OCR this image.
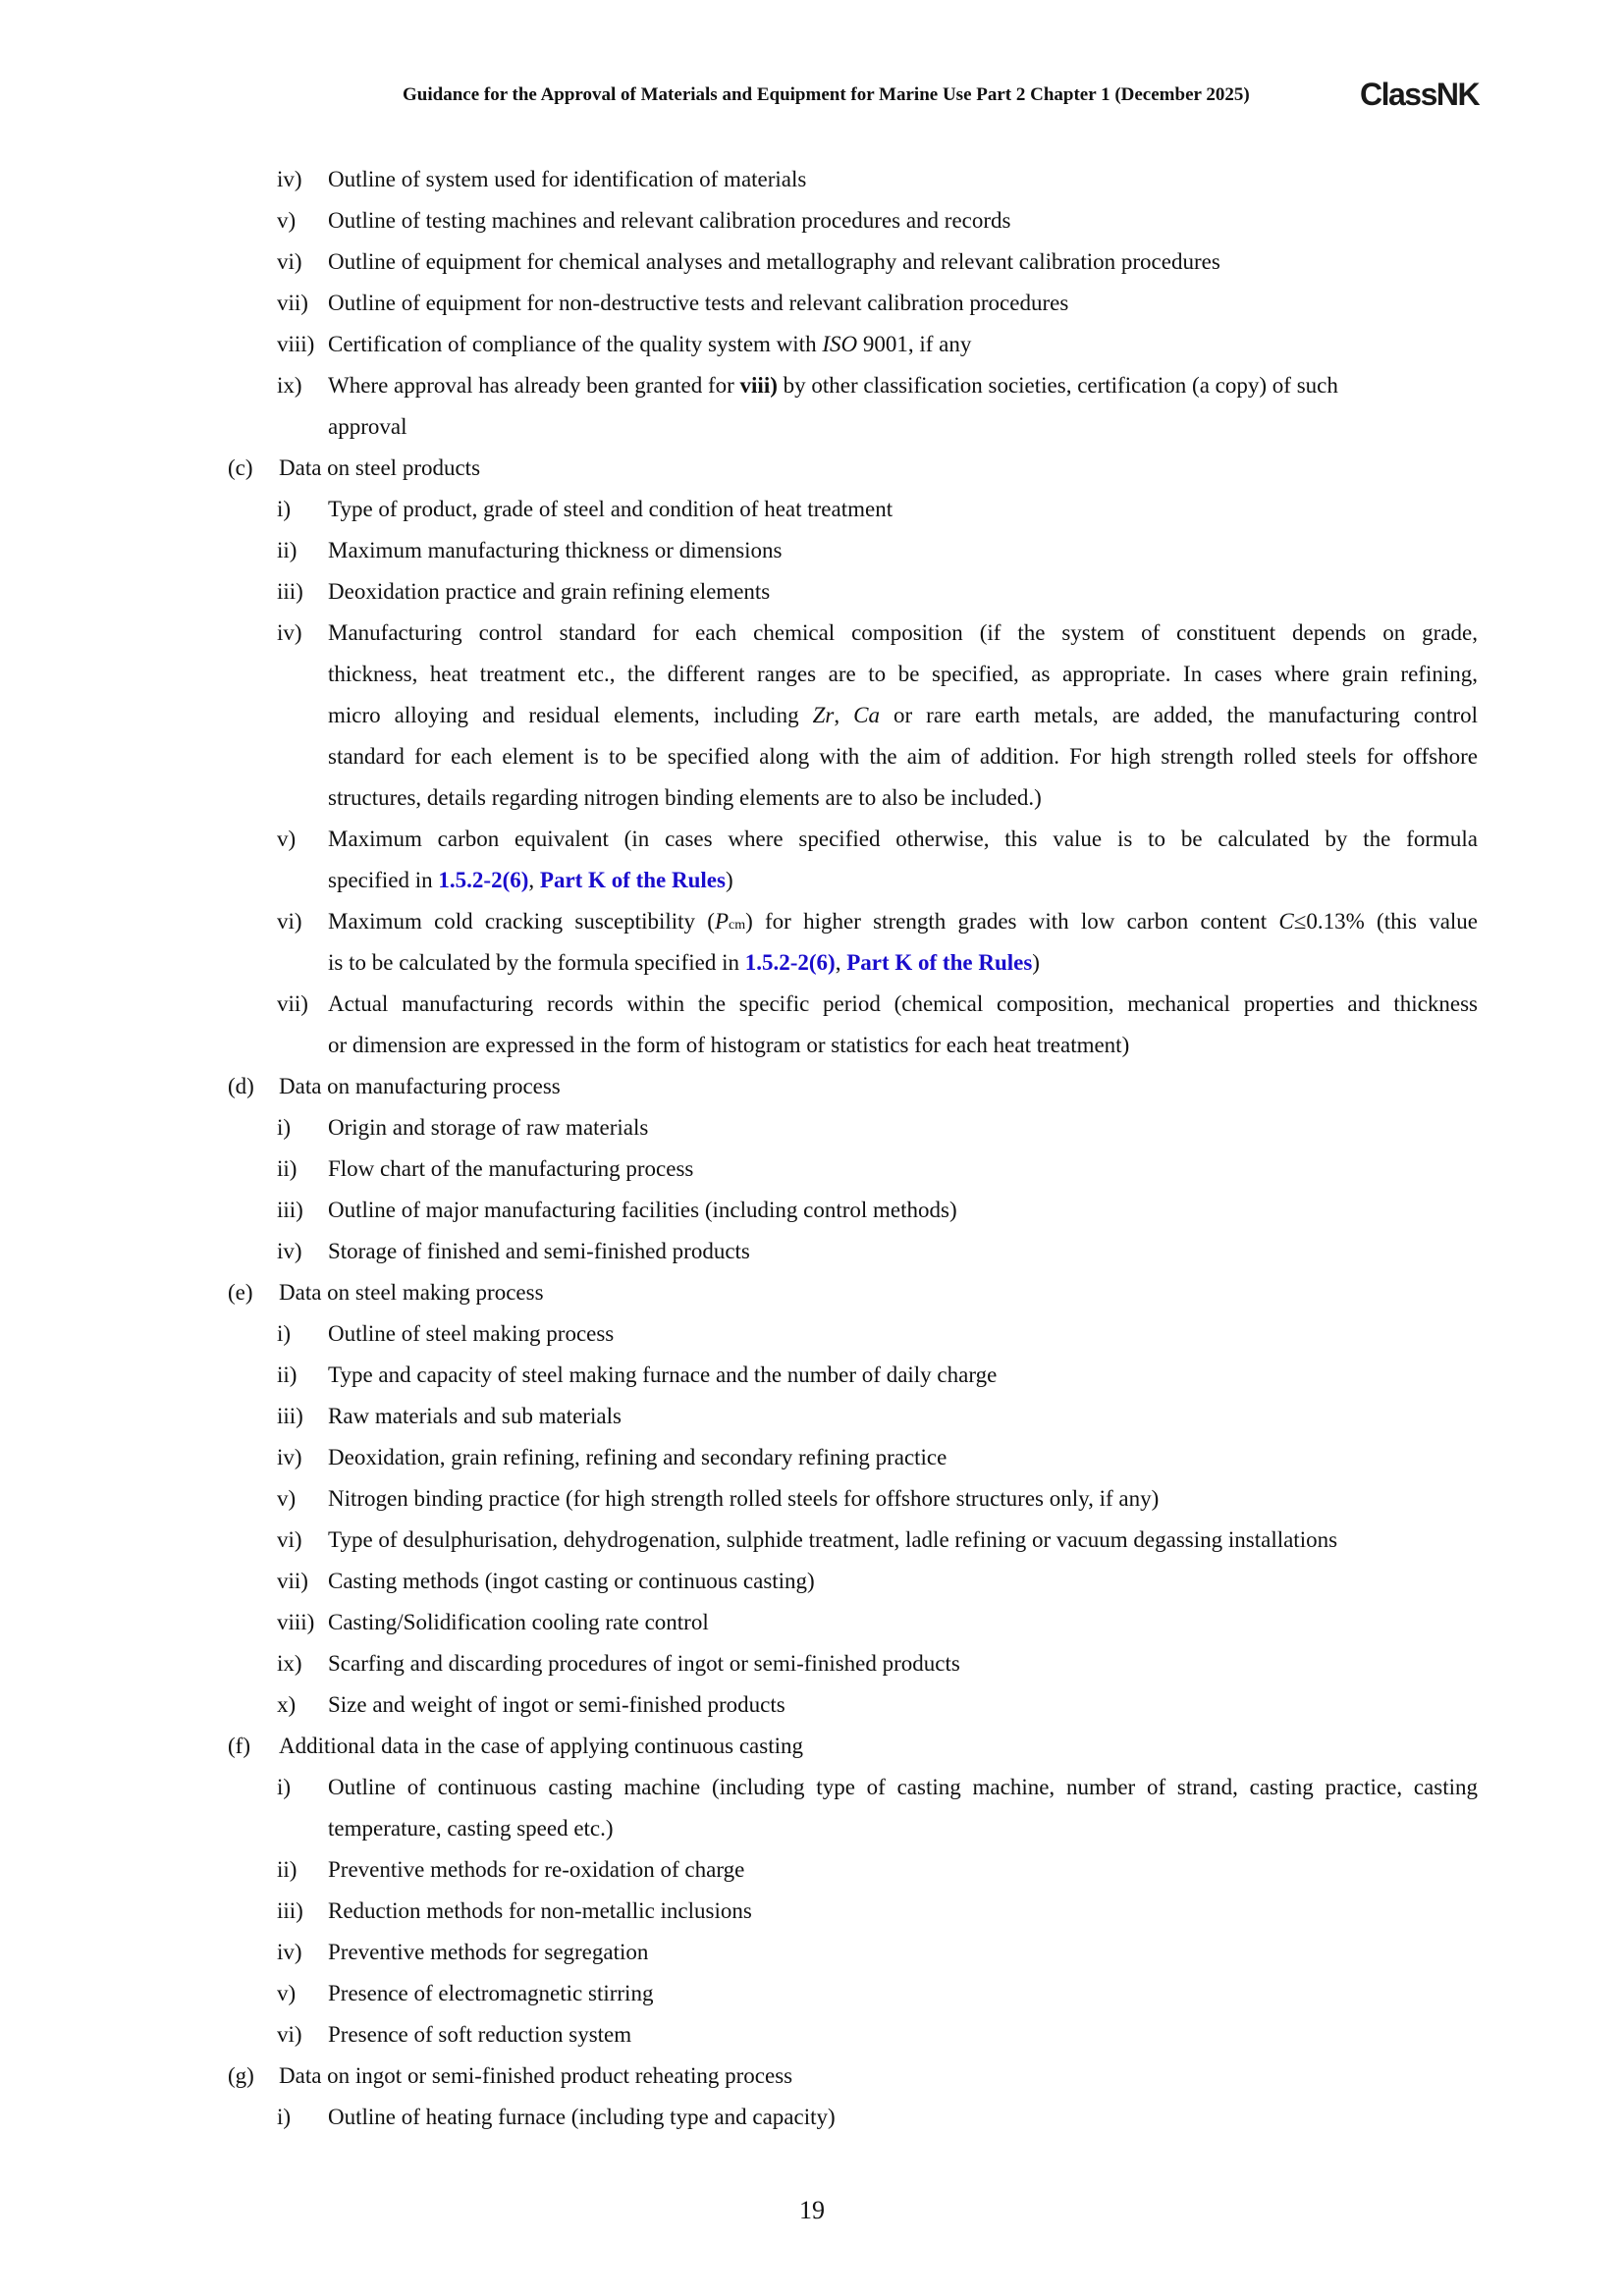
Guidance for the Approval of Materials and Equipment for Marine Use Part 2 Chapter 1 (December 2025)	ClassNK
iv) Outline of system used for identification of materials
v) Outline of testing machines and relevant calibration procedures and records
vi) Outline of equipment for chemical analyses and metallography and relevant calibration procedures
vii) Outline of equipment for non-destructive tests and relevant calibration procedures
viii) Certification of compliance of the quality system with ISO 9001, if any
ix) Where approval has already been granted for viii) by other classification societies, certification (a copy) of such
approval
(c) Data on steel products
i) Type of product, grade of steel and condition of heat treatment
ii) Maximum manufacturing thickness or dimensions
iii) Deoxidation practice and grain refining elements
iv) Manufacturing control standard for each chemical composition (if the system of constituent depends on grade,
thickness, heat treatment etc., the different ranges are to be specified, as appropriate. In cases where grain refining,
micro alloying and residual elements, including Zr, Ca or rare earth metals, are added, the manufacturing control
standard for each element is to be specified along with the aim of addition. For high strength rolled steels for offshore
structures, details regarding nitrogen binding elements are to also be included.)
v) Maximum carbon equivalent (in cases where specified otherwise, this value is to be calculated by the formula
specified in 1.5.2-2(6), Part K of the Rules)
vi) Maximum cold cracking susceptibility (Pcm) for higher strength grades with low carbon content C≤0.13% (this value
is to be calculated by the formula specified in 1.5.2-2(6), Part K of the Rules)
vii) Actual manufacturing records within the specific period (chemical composition, mechanical properties and thickness
or dimension are expressed in the form of histogram or statistics for each heat treatment)
(d) Data on manufacturing process
i) Origin and storage of raw materials
ii) Flow chart of the manufacturing process
iii) Outline of major manufacturing facilities (including control methods)
iv) Storage of finished and semi-finished products
(e) Data on steel making process
i) Outline of steel making process
ii) Type and capacity of steel making furnace and the number of daily charge
iii) Raw materials and sub materials
iv) Deoxidation, grain refining, refining and secondary refining practice
v) Nitrogen binding practice (for high strength rolled steels for offshore structures only, if any)
vi) Type of desulphurisation, dehydrogenation, sulphide treatment, ladle refining or vacuum degassing installations
vii) Casting methods (ingot casting or continuous casting)
viii) Casting/Solidification cooling rate control
ix) Scarfing and discarding procedures of ingot or semi-finished products
x) Size and weight of ingot or semi-finished products
(f) Additional data in the case of applying continuous casting
i) Outline of continuous casting machine (including type of casting machine, number of strand, casting practice, casting
temperature, casting speed etc.)
ii) Preventive methods for re-oxidation of charge
iii) Reduction methods for non-metallic inclusions
iv) Preventive methods for segregation
v) Presence of electromagnetic stirring
vi) Presence of soft reduction system
(g) Data on ingot or semi-finished product reheating process
i) Outline of heating furnace (including type and capacity)
19
